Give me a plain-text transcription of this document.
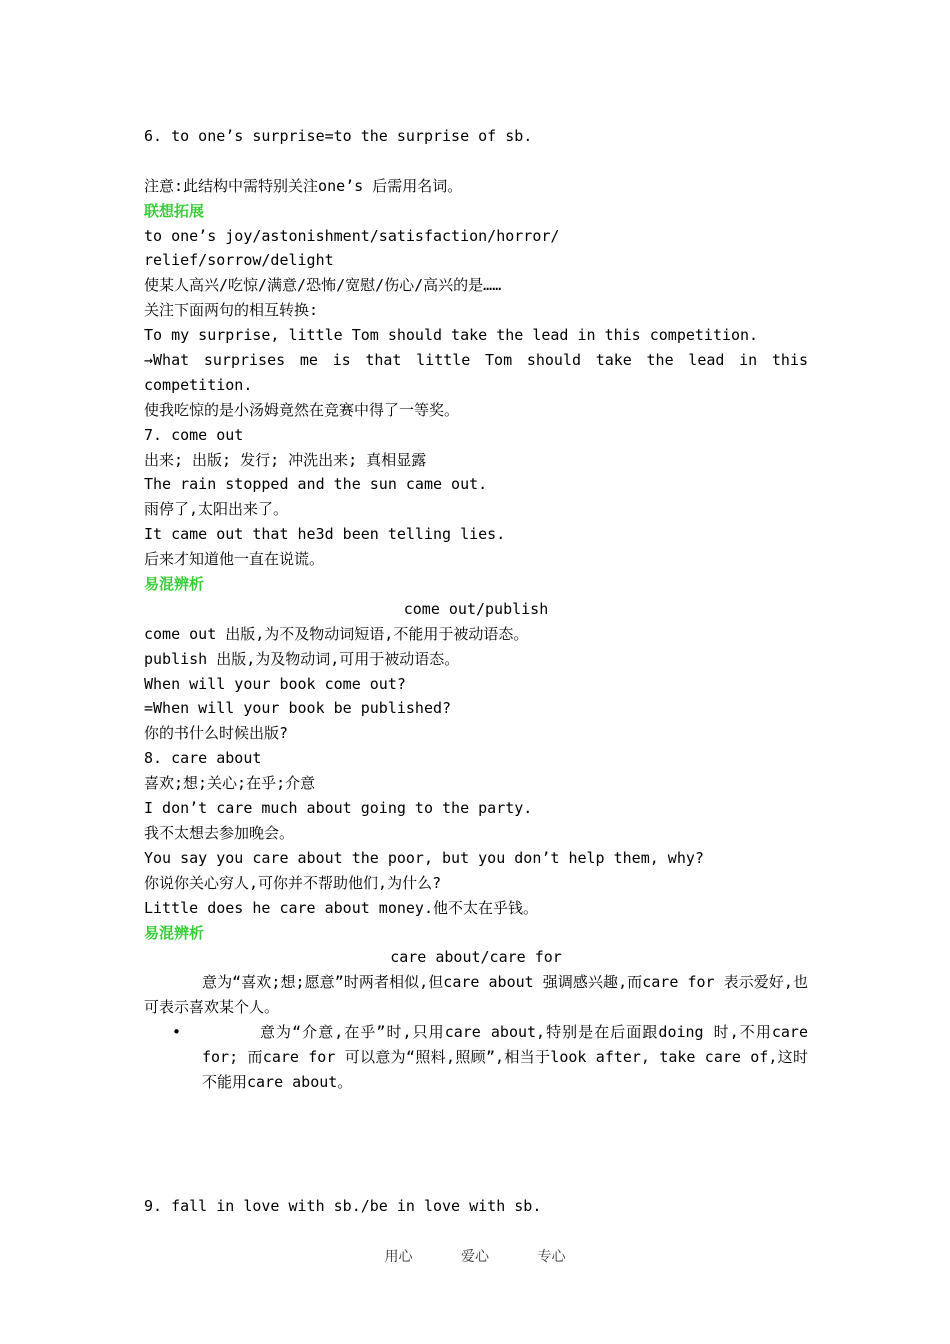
6. to one’s surprise=to the surprise of sb.

注意:此结构中需特别关注one’s 后需用名词。
联想拓展
to one’s joy/astonishment/satisfaction/horror/
relief/sorrow/delight
使某人高兴/吃惊/满意/恐怖/宽慰/伤心/高兴的是……
关注下面两句的相互转换:
To my surprise, little Tom should take the lead in this competition.
→What surprises me is that little Tom should take the lead in this
competition.
使我吃惊的是小汤姆竟然在竞赛中得了一等奖。
7. come out
出来; 出版; 发行; 冲洗出来; 真相显露
The rain stopped and the sun came out.
雨停了,太阳出来了。
It came out that he3d been telling lies.
后来才知道他一直在说谎。
易混辨析
come out/publish
come out 出版,为不及物动词短语,不能用于被动语态。
publish 出版,为及物动词,可用于被动语态。
When will your book come out?
=When will your book be published?
你的书什么时候出版?
8. care about
喜欢;想;关心;在乎;介意
I don’t care much about going to the party.
我不太想去参加晚会。
You say you care about the poor, but you don’t help them, why?
你说你关心穷人,可你并不帮助他们,为什么?
Little does he care about money.他不太在乎钱。
易混辨析
care about/care for
意为“喜欢;想;愿意”时两者相似,但care about 强调感兴趣,而care for 表示爱好,也可表示喜欢某个人。

•

	意为“介意,在乎”时,只用care about,特别是在后面跟doing 时,不用care for; 而care for 可以意为“照料,照顾”,相当于look after, take care of,这时不能用care about。

9. fall in love with sb./be in love with sb.
用心	爱心	专心
